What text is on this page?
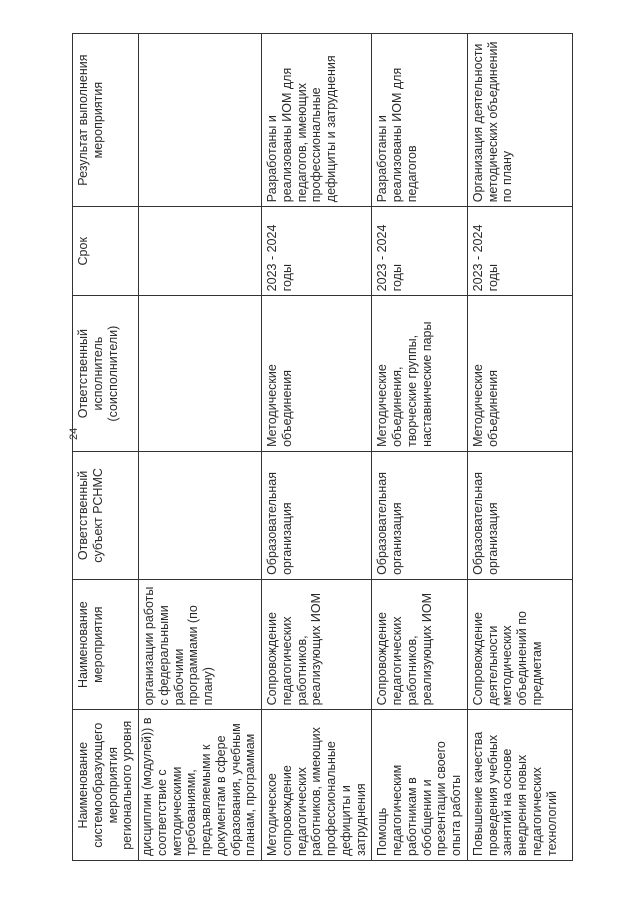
24
Наименование системообразующего мероприятия регионального уровня	Наименование мероприятия	Ответственный субъект РСНМС	Ответственный исполнитель (соисполнители)	Срок	Результат выполнения мероприятия
дисциплин (модулей)) в соответствие с методическими требованиями, предъявляемыми к документам в сфере образования, учебным планам, программам	организации работы с федеральными рабочими программами (по плану)				
Методическое сопровождение педагогических работников, имеющих профессиональные дефициты и затруднения	Сопровождение педагогических работников, реализующих ИОМ	Образовательная организация	Методические объединения	2023 - 2024 годы	Разработаны и реализованы ИОМ для педагогов, имеющих профессиональные дефициты и затруднения
Помощь педагогическим работникам в обобщении и презентации своего опыта работы	Сопровождение педагогических работников, реализующих ИОМ	Образовательная организация	Методические объединения, творческие группы, наставнические пары	2023 - 2024 годы	Разработаны и реализованы ИОМ для педагогов
Повышение качества проведения учебных занятий на основе внедрения новых педагогических технологий	Сопровождение деятельности методических объединений по предметам	Образовательная организация	Методические объединения	2023 - 2024 годы	Организация деятельности методических объединений по плану
